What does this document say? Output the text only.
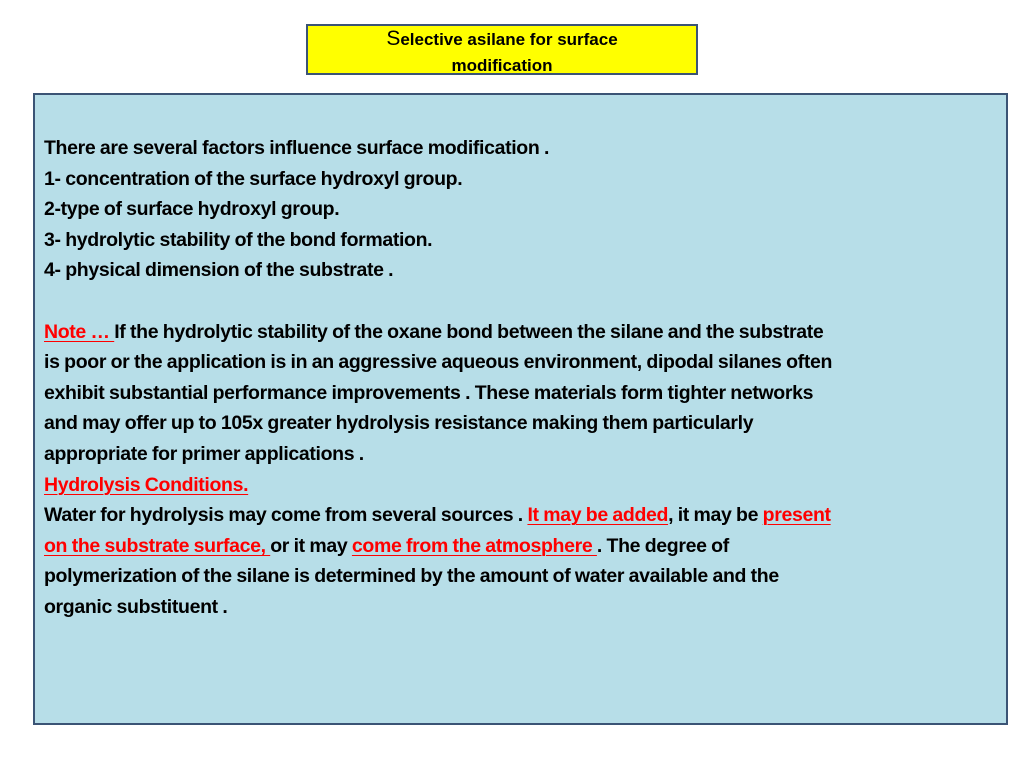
Selective asilane for surface
modification
There are several factors influence surface modification .
1- concentration of the surface hydroxyl group.
2-type of surface hydroxyl group.
3- hydrolytic stability of the bond formation.
4- physical dimension of the substrate .
Note … If the hydrolytic stability of the oxane bond between the silane and the substrate
is poor or the application is in an aggressive aqueous environment, dipodal silanes often
exhibit substantial performance improvements . These materials form tighter networks
and may offer up to 105x greater hydrolysis resistance making them particularly
appropriate for primer applications .
Hydrolysis Conditions.
Water for hydrolysis may come from several sources . It may be added, it may be present
on the substrate surface, or it may come from the atmosphere . The degree of
polymerization of the silane is determined by the amount of water available and the
organic substituent .
